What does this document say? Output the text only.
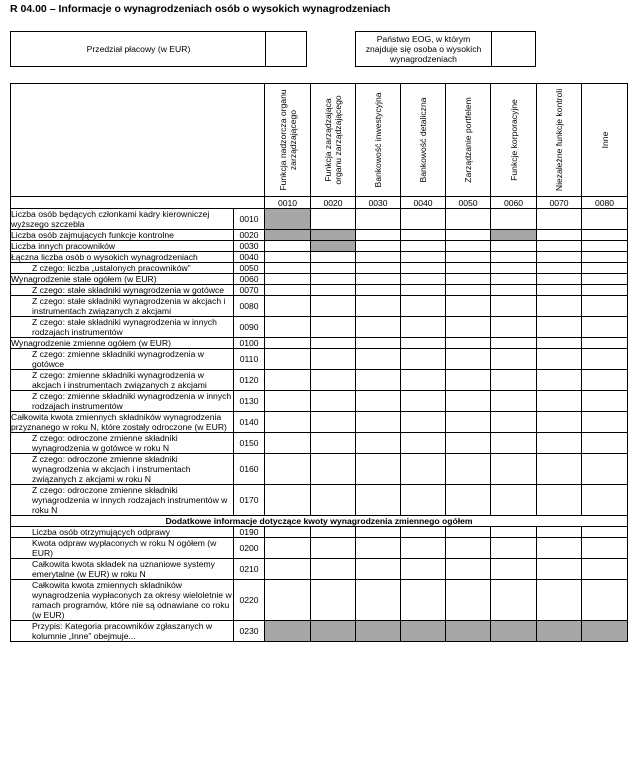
R 04.00 – Informacje o wynagrodzeniach osób o wysokich wynagrodzeniach
Przedział płacowy (w EUR)
Państwo EOG, w którym znajduje się osoba o wysokich wynagrodzeniach

Funkcja nadzorcza organu zarządzającego	Funkcja zarządzająca organu zarządzającego	Bankowość inwestycyjna	Bankowość detaliczna	Zarządzanie portfelem	Funkcje korporacyjne	Niezależne funkcje kontroli	Inne

		0010	0020	0030	0040	0050	0060	0070	0080
Liczba osób będących członkami kadry kierowniczej wyższego szczebla	0010								
Liczba osób zajmujących funkcje kontrolne	0020								
Liczba innych pracowników	0030								
Łączna liczba osób o wysokich wynagrodzeniach	0040								
Z czego: liczba „ustalonych pracowników”	0050								
Wynagrodzenie stałe ogółem (w EUR)	0060								
Z czego: stałe składniki wynagrodzenia w gotówce	0070								
Z czego: stałe składniki wynagrodzenia w akcjach i instrumentach związanych z akcjami	0080								
Z czego: stałe składniki wynagrodzenia w innych rodzajach instrumentów	0090								
Wynagrodzenie zmienne ogółem (w EUR)	0100								
Z czego: zmienne składniki wynagrodzenia w gotówce	0110								
Z czego: zmienne składniki wynagrodzenia w akcjach i instrumentach związanych z akcjami	0120								
Z czego: zmienne składniki wynagrodzenia w innych rodzajach instrumentów	0130								
Całkowita kwota zmiennych składników wynagrodzenia przyznanego w roku N, które zostały odroczone (w EUR)	0140								
Z czego: odroczone zmienne składniki wynagrodzenia w gotówce w roku N	0150								
Z czego: odroczone zmienne składniki wynagrodzenia w akcjach i instrumentach związanych z akcjami w roku N	0160								
Z czego: odroczone zmienne składniki wynagrodzenia w innych rodzajach instrumentów w roku N	0170								
Dodatkowe informacje dotyczące kwoty wynagrodzenia zmiennego ogółem									
Liczba osób otrzymujących odprawy	0190								
Kwota odpraw wypłaconych w roku N ogółem (w EUR)	0200								
Całkowita kwota składek na uznaniowe systemy emerytalne (w EUR) w roku N	0210								
Całkowita kwota zmiennych składników wynagrodzenia wypłaconych za okresy wieloletnie w ramach programów, które nie są odnawiane co roku (w EUR)	0220								
Przypis: Kategoria pracowników zgłaszanych w kolumnie „Inne” obejmuje...	0230								
